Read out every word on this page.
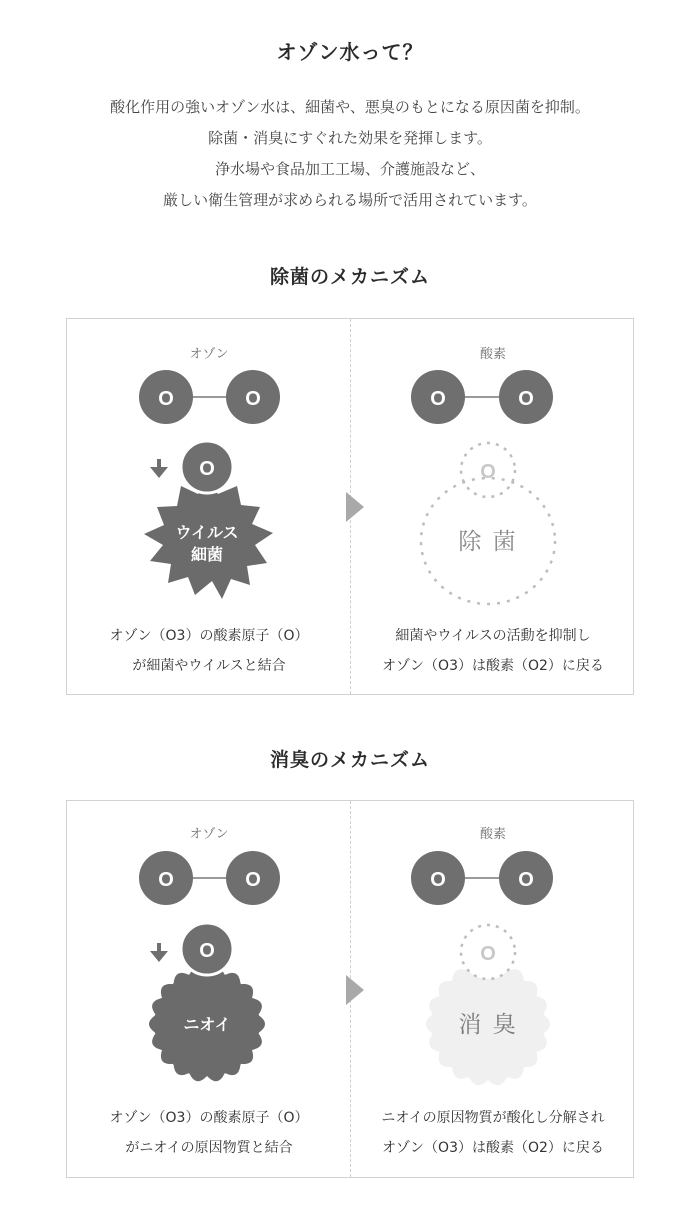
オゾン水って？
酸化作用の強いオゾン水は、細菌や、悪臭のもとになる原因菌を抑制。
除菌・消臭にすぐれた効果を発揮します。
浄水場や食品加工工場、介護施設など、
厳しい衛生管理が求められる場所で活用されています。
除菌のメカニズム
オゾン	酸素
O	O
O
ウイルス
細菌
O	O
O
除 菌
オゾン（O3）の酸素原子（O）
が細菌やウイルスと結合
細菌やウイルスの活動を抑制し
オゾン（O3）は酸素（O2）に戻る
消臭のメカニズム
オゾン	酸素
O	O
O
ニオイ
O	O
O
消 臭
オゾン（O3）の酸素原子（O）
がニオイの原因物質と結合
ニオイの原因物質が酸化し分解され
オゾン（O3）は酸素（O2）に戻る
